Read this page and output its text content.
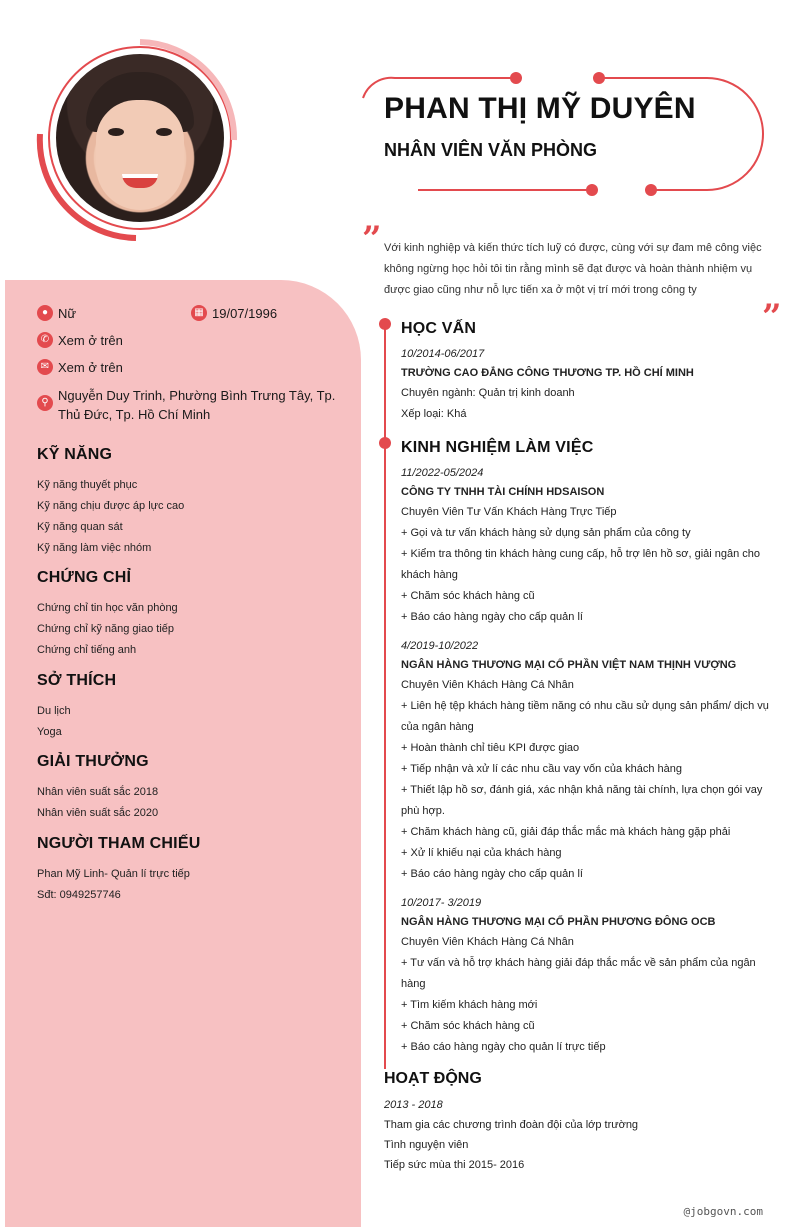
PHAN THỊ MỸ DUYÊN
NHÂN VIÊN VĂN PHÒNG
” Với kinh nghiệp và kiến thức tích luỹ có được, cùng với sự đam mê công việc không ngừng học hỏi tôi tin rằng mình sẽ đạt được và hoàn thành nhiệm vụ được giao cũng như nỗ lực tiến xa ở một vị trí mới trong công ty
”
● Nữ	▦ 19/07/1996
✆ Xem ở trên
✉ Xem ở trên
⚲ Nguyễn Duy Trinh, Phường Bình Trưng Tây, Tp. Thủ Đức, Tp. Hồ Chí Minh
KỸ NĂNG
Kỹ năng thuyết phục
Kỹ năng chịu được áp lực cao
Kỹ năng quan sát
Kỹ năng làm việc nhóm
CHỨNG CHỈ
Chứng chỉ tin học văn phòng
Chứng chỉ kỹ năng giao tiếp
Chứng chỉ tiếng anh
SỞ THÍCH
Du lịch
Yoga
GIẢI THƯỞNG
Nhân viên suất sắc 2018
Nhân viên suất sắc 2020
NGƯỜI THAM CHIẾU
Phan Mỹ Linh- Quản lí trực tiếp
Sđt: 0949257746
HỌC VẤN
10/2014-06/2017
TRƯỜNG CAO ĐẲNG CÔNG THƯƠNG TP. HỒ CHÍ MINH
Chuyên ngành: Quản trị kinh doanh
Xếp loại: Khá
KINH NGHIỆM LÀM VIỆC
11/2022-05/2024
CÔNG TY TNHH TÀI CHÍNH HDSAISON
Chuyên Viên Tư Vấn Khách Hàng Trực Tiếp
+ Gọi và tư vấn khách hàng sử dụng sản phẩm của công ty
+ Kiểm tra thông tin khách hàng cung cấp, hỗ trợ lên hồ sơ, giải ngân cho khách hàng
+ Chăm sóc khách hàng cũ
+ Báo cáo hàng ngày cho cấp quản lí
4/2019-10/2022
NGÂN HÀNG THƯƠNG MẠI CỔ PHẦN VIỆT NAM THỊNH VƯỢNG
Chuyên Viên Khách Hàng Cá Nhân
+ Liên hệ tệp khách hàng tiềm năng có nhu cầu sử dụng sản phẩm/ dịch vụ của ngân hàng
+ Hoàn thành chỉ tiêu KPI được giao
+ Tiếp nhận và xử lí các nhu cầu vay vốn của khách hàng
+ Thiết lập hồ sơ, đánh giá, xác nhận khả năng tài chính, lựa chọn gói vay phù hợp.
+ Chăm khách hàng cũ, giải đáp thắc mắc mà khách hàng gặp phải
+ Xử lí khiếu nại của khách hàng
+ Báo cáo hàng ngày cho cấp quản lí
10/2017- 3/2019
NGÂN HÀNG THƯƠNG MẠI CỔ PHẦN PHƯƠNG ĐÔNG OCB
Chuyên Viên Khách Hàng Cá Nhân
+ Tư vấn và hỗ trợ khách hàng giải đáp thắc mắc về sản phẩm của ngân hàng
+ Tìm kiếm khách hàng mới
+ Chăm sóc khách hàng cũ
+ Báo cáo hàng ngày cho quản lí trực tiếp
HOẠT ĐỘNG
2013 - 2018
Tham gia các chương trình đoàn đội của lớp trường
Tình nguyện viên
Tiếp sức mùa thi 2015- 2016
@jobgovn.com
